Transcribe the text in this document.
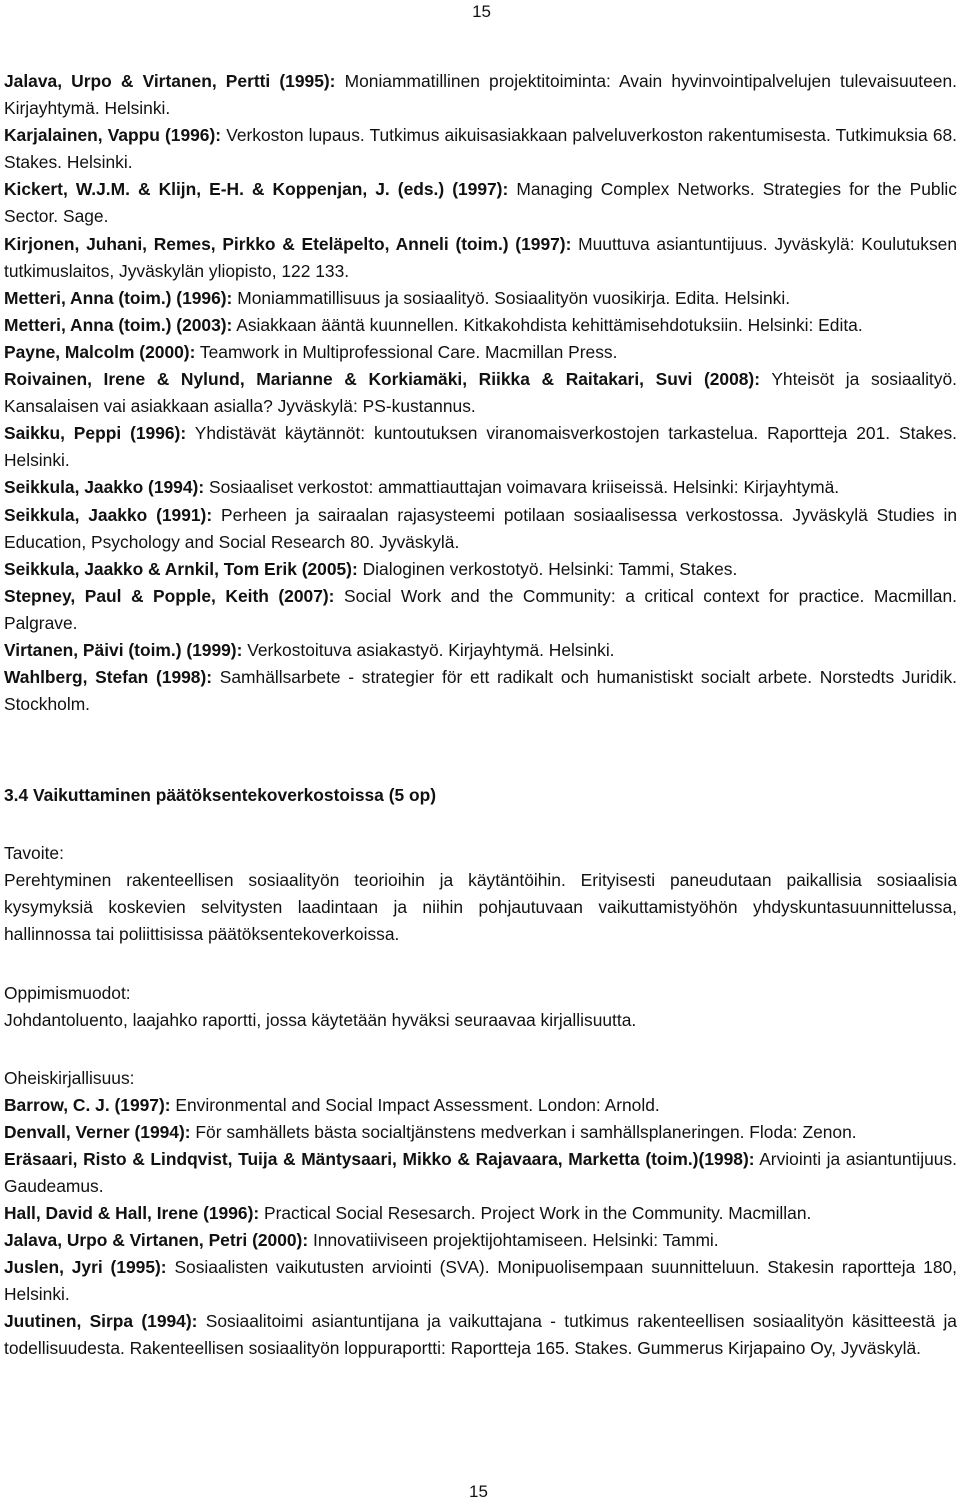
15
Jalava, Urpo & Virtanen, Pertti (1995): Moniammatillinen projektitoiminta: Avain hyvinvointipalvelujen tulevaisuuteen. Kirjayhtymä. Helsinki.
Karjalainen, Vappu (1996): Verkoston lupaus. Tutkimus aikuisasiakkaan palveluverkoston rakentumisesta. Tutkimuksia 68. Stakes. Helsinki.
Kickert, W.J.M. & Klijn, E-H. & Koppenjan, J. (eds.) (1997): Managing Complex Networks. Strategies for the Public Sector. Sage.
Kirjonen, Juhani, Remes, Pirkko & Eteläpelto, Anneli (toim.) (1997): Muuttuva asiantuntijuus. Jyväskylä: Koulutuksen tutkimuslaitos, Jyväskylän yliopisto, 122 133.
Metteri, Anna (toim.) (1996): Moniammatillisuus ja sosiaalityö. Sosiaalityön vuosikirja. Edita. Helsinki.
Metteri, Anna (toim.) (2003): Asiakkaan ääntä kuunnellen. Kitkakohdista kehittämisehdotuksiin. Helsinki: Edita.
Payne, Malcolm (2000): Teamwork in Multiprofessional Care. Macmillan Press.
Roivainen, Irene & Nylund, Marianne & Korkiamäki, Riikka & Raitakari, Suvi (2008): Yhteisöt ja sosiaalityö. Kansalaisen vai asiakkaan asialla? Jyväskylä: PS-kustannus.
Saikku, Peppi (1996): Yhdistävät käytännöt: kuntoutuksen viranomaisverkostojen tarkastelua. Raportteja 201. Stakes. Helsinki.
Seikkula, Jaakko (1994): Sosiaaliset verkostot: ammattiauttajan voimavara kriiseissä. Helsinki: Kirjayhtymä.
Seikkula, Jaakko (1991): Perheen ja sairaalan rajasysteemi potilaan sosiaalisessa verkostossa. Jyväskylä Studies in Education, Psychology and Social Research 80. Jyväskylä.
Seikkula, Jaakko & Arnkil, Tom Erik (2005): Dialoginen verkostotyö. Helsinki: Tammi, Stakes.
Stepney, Paul & Popple, Keith (2007): Social Work and the Community: a critical context for practice. Macmillan. Palgrave.
Virtanen, Päivi (toim.) (1999): Verkostoituva asiakastyö. Kirjayhtymä. Helsinki.
Wahlberg, Stefan (1998): Samhällsarbete - strategier för ett radikalt och humanistiskt socialt arbete. Norstedts Juridik. Stockholm.
3.4 Vaikuttaminen päätöksentekoverkostoissa (5 op)
Tavoite:
Perehtyminen rakenteellisen sosiaalityön teorioihin ja käytäntöihin. Erityisesti paneudutaan paikallisia sosiaalisia kysymyksiä koskevien selvitysten laadintaan ja niihin pohjautuvaan vaikuttamistyöhön yhdyskuntasuunnittelussa, hallinnossa tai poliittisissa päätöksentekoverkoissa.
Oppimismuodot:
Johdantoluento, laajahko raportti, jossa käytetään hyväksi seuraavaa kirjallisuutta.
Oheiskirjallisuus:
Barrow, C. J. (1997): Environmental and Social Impact Assessment. London: Arnold.
Denvall, Verner (1994): För samhällets bästa socialtjänstens medverkan i samhällsplaneringen. Floda: Zenon.
Eräsaari, Risto & Lindqvist, Tuija & Mäntysaari, Mikko & Rajavaara, Marketta (toim.)(1998): Arviointi ja asiantuntijuus. Gaudeamus.
Hall, David & Hall, Irene (1996): Practical Social Resesarch. Project Work in the Community. Macmillan.
Jalava, Urpo & Virtanen, Petri (2000): Innovatiiviseen projektijohtamiseen. Helsinki: Tammi.
Juslen, Jyri (1995): Sosiaalisten vaikutusten arviointi (SVA). Monipuolisempaan suunnitteluun. Stakesin raportteja 180, Helsinki.
Juutinen, Sirpa (1994): Sosiaalitoimi asiantuntijana ja vaikuttajana - tutkimus rakenteellisen sosiaalityön käsitteestä ja todellisuudesta. Rakenteellisen sosiaalityön loppuraportti: Raportteja 165. Stakes. Gummerus Kirjapaino Oy, Jyväskylä.
15
